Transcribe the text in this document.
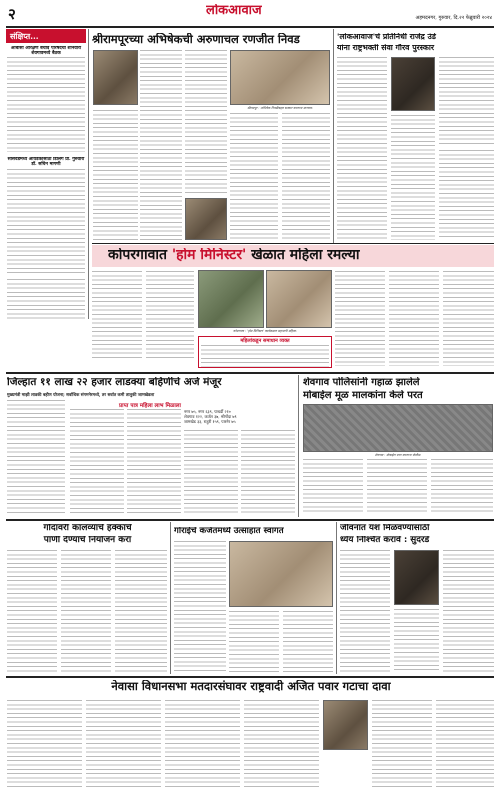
२	लोकआवाज	अहमदनगर, गुरुवार, दि.२२ फेब्रुवारी २०२४
संक्षिप्त...
ओबीसी आरक्षण बचाव परिषदेचा शनिवारी शेवगावमध्ये बैठक
सासवडमध्ये आयडकांसाठी डिलिंग प्रा. गुरुवारी डॉ. सचिन मागणी
श्रीरामपूरच्या अभिषेकची अरुणाचल रणजीत निवड
श्रीरामपूर : अभिषेक निवडीबद्दल सत्कार करताना मान्यवर.
'लोकआवाज'चे प्रतिनिधी राजेंद्र उंडे
यांना राष्ट्रभक्ती सेवा गौरव पुरस्कार
कोपरगावात 'होम मिनिस्टर' खेळात महिला रमल्या
कोपरगाव : 'होम मिनिस्टर' कार्यक्रमात सहभागी महिला.
महिलांकडून समाधान व्यक्त
जिल्हात ११ लाख २२ हजार लाडक्या बहिणींचे अर्ज मंजूर
मुख्यमंत्री माझी लाडकी बहीण योजना; सर्वाधिक संगमनेरमध्ये, तर सर्वात कमी तालुकी जामखेडला
प्राप्त पात्र महिला लाभ मिळाला
नगर ७५, नगर ६३९, पाथर्डी २१०
शेवगाव १२२, कर्जत ३७, श्रीगोंदा ७९
जामखेड ३३, राहुरी १५९, पारनेर ७५
शेवगाव पोलिसांनी गहाळ झालेले
मोबाईल मूळ मालकांना केले परत
शेवगाव : मोबाईल परत करताना पोलीस.
गोदावरी कालव्याचे हक्काचे
पाणी देण्याचे नियोजन करा
गोराईचे कर्जतमध्ये उत्साहात स्वागत	जीवनात यश मिळवण्यासाठी
ध्येय निश्चित करावे : सुदरडे
नेवासा विधानसभा मतदारसंघावर राष्ट्रवादी अजित पवार गटाचा दावा
